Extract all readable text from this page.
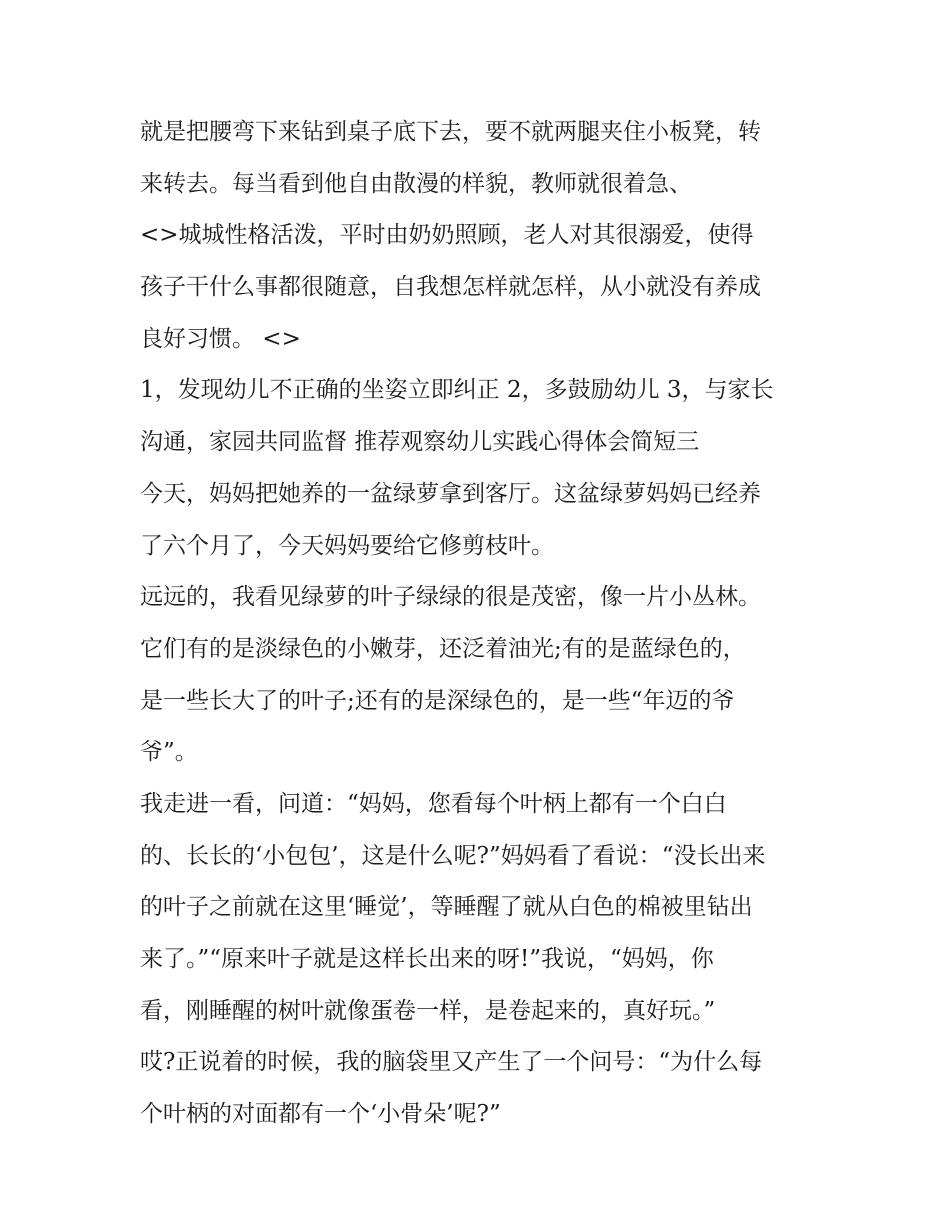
就是把腰弯下来钻到桌子底下去，要不就两腿夹住小板凳，转
来转去。每当看到他自由散漫的样貌，教师就很着急、
<>城城性格活泼，平时由奶奶照顾，老人对其很溺爱，使得
孩子干什么事都很随意，自我想怎样就怎样，从小就没有养成
良好习惯。 <>
1，发现幼儿不正确的坐姿立即纠正 2，多鼓励幼儿 3，与家长
沟通，家园共同监督 推荐观察幼儿实践心得体会简短三
今天，妈妈把她养的一盆绿萝拿到客厅。这盆绿萝妈妈已经养
了六个月了，今天妈妈要给它修剪枝叶。
远远的，我看见绿萝的叶子绿绿的很是茂密，像一片小丛林。
它们有的是淡绿色的小嫩芽，还泛着油光;有的是蓝绿色的，
是一些长大了的叶子;还有的是深绿色的，是一些“年迈的爷
爷”。
我走进一看，问道：“妈妈，您看每个叶柄上都有一个白白
的、长长的‘小包包’，这是什么呢?”妈妈看了看说：“没长出来
的叶子之前就在这里‘睡觉’，等睡醒了就从白色的棉被里钻出
来了。”“原来叶子就是这样长出来的呀!”我说，“妈妈，你
看，刚睡醒的树叶就像蛋卷一样，是卷起来的，真好玩。”
哎?正说着的时候，我的脑袋里又产生了一个问号：“为什么每
个叶柄的对面都有一个‘小骨朵’呢?”
